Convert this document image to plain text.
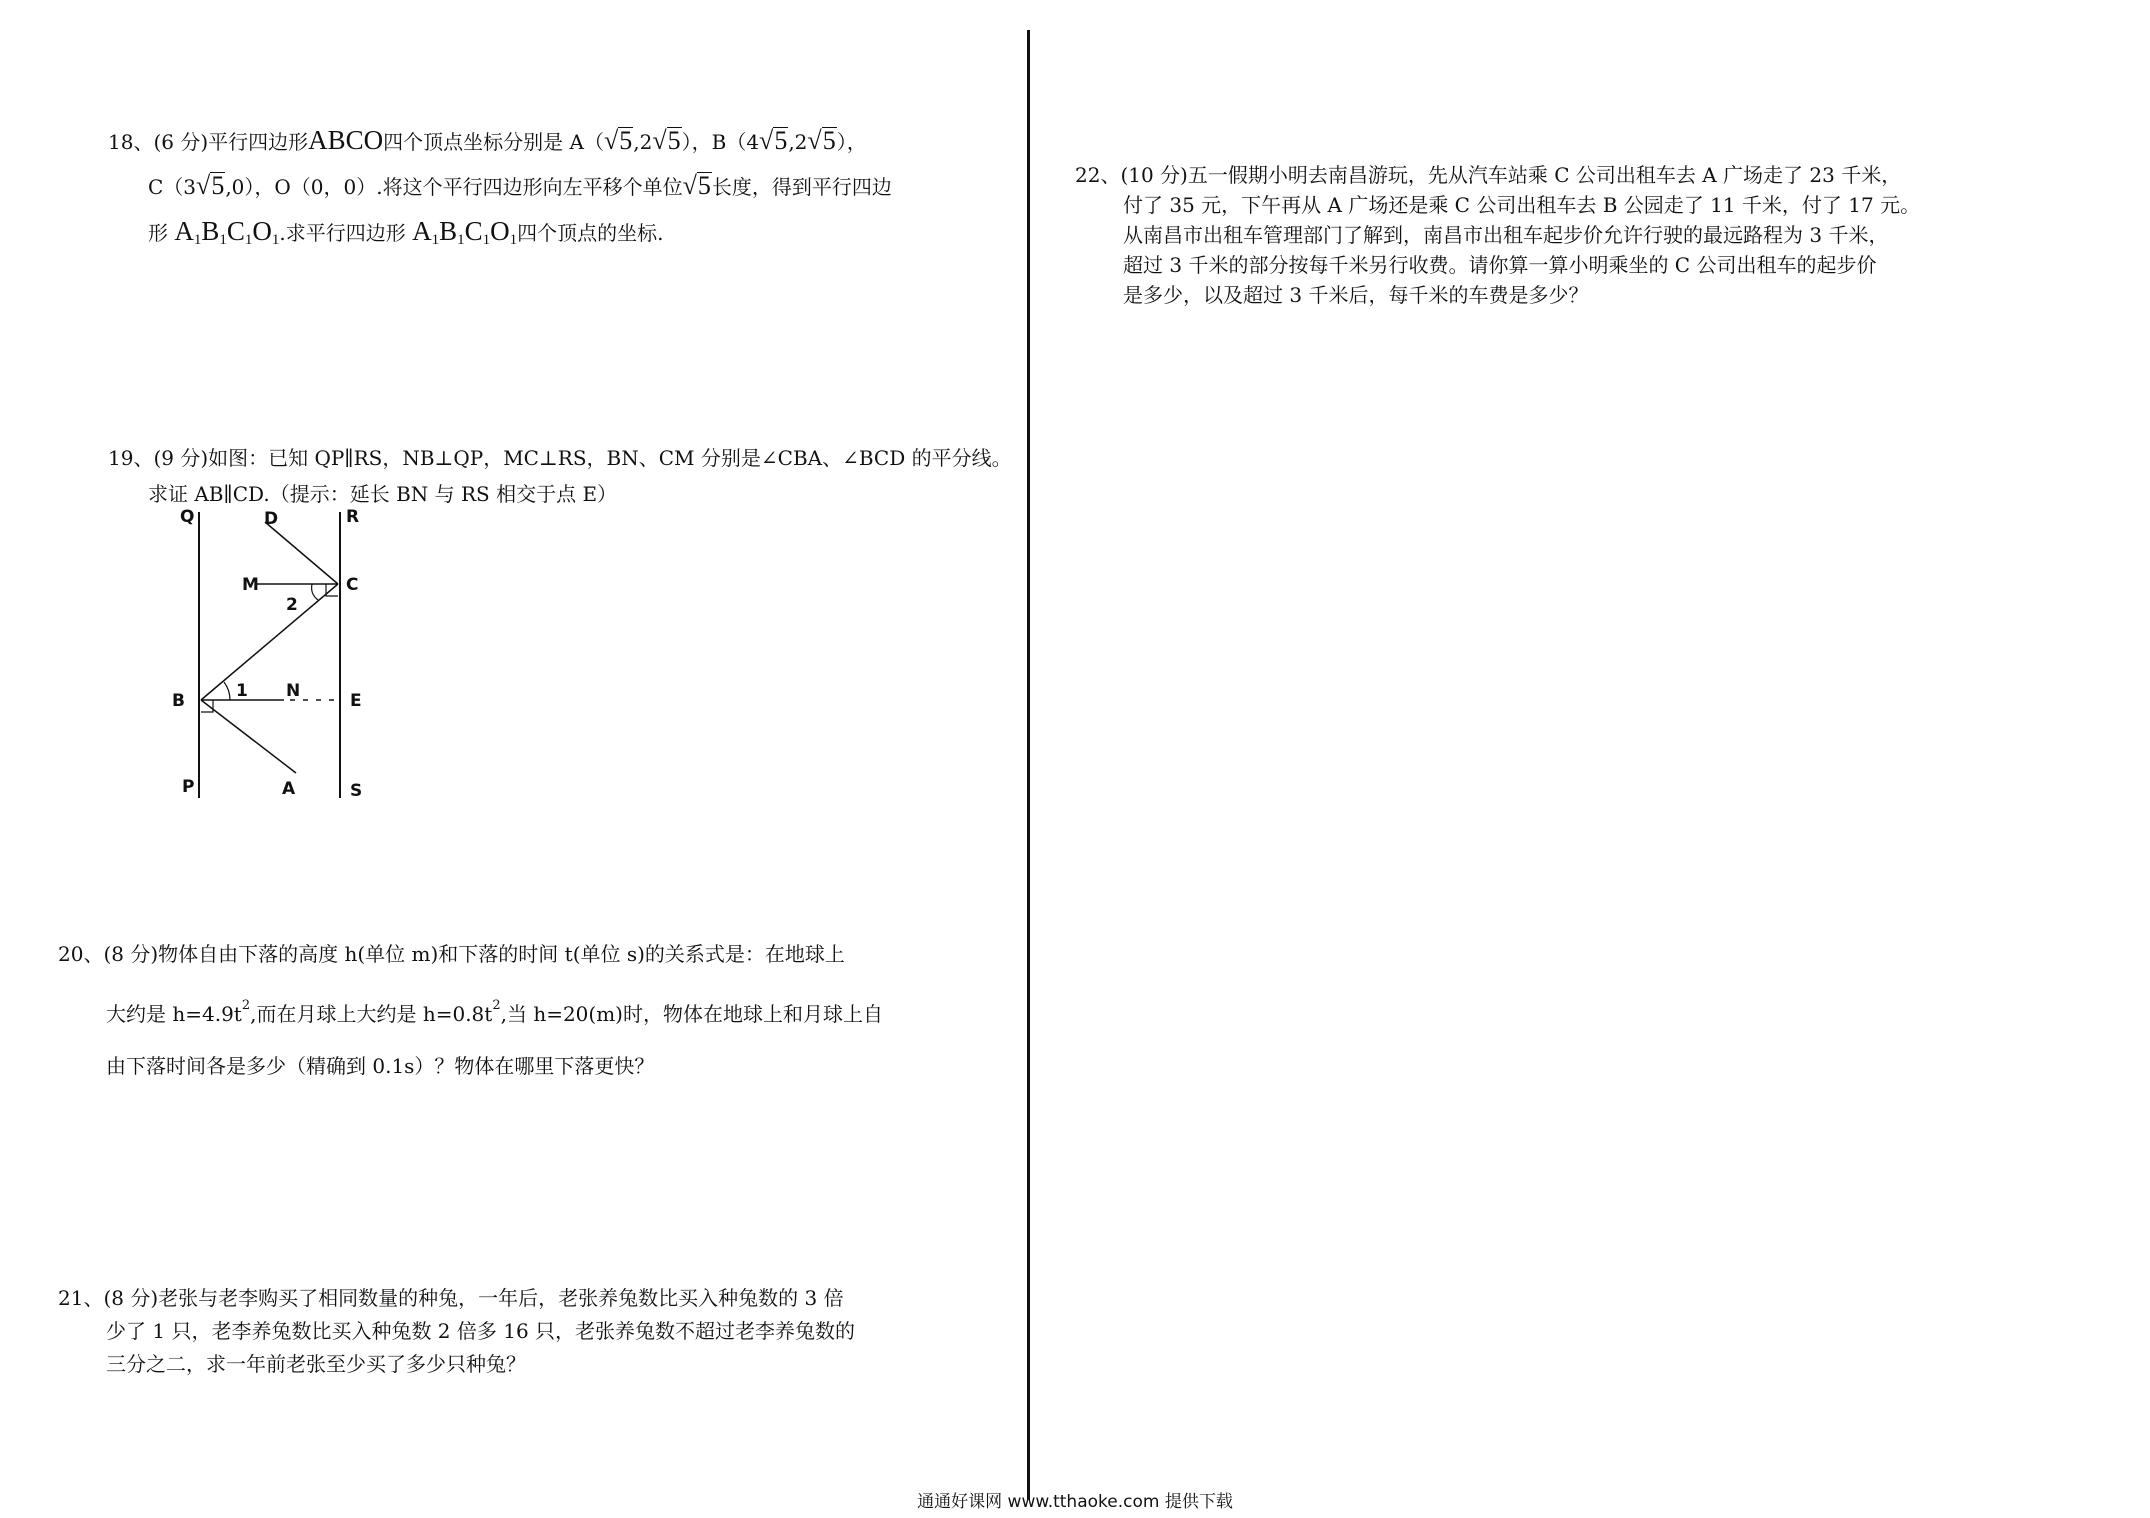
18、(6 分)平行四边形ABCO四个顶点坐标分别是 A（√5,2√5），B（4√5,2√5），
C（3√5,0），O（0，0）.将这个平行四边形向左平移个单位√5长度，得到平行四边
形 $A_1B_1C_1O_1$.求平行四边形 $A_1B_1C_1O_1$四个顶点的坐标.
19、(9 分)如图：已知 QP∥RS，NB⊥QP，MC⊥RS，BN、CM 分别是∠CBA、∠BCD 的平分线。
求证 AB∥CD.（提示：延长 BN 与 RS 相交于点 E）
Q	D	R
M	C
2
1
B	N	E
P	A	S
20、(8 分)物体自由下落的高度 h(单位 m)和下落的时间 t(单位 s)的关系式是：在地球上
大约是 $h=4.9t^2$,而在月球上大约是 $h=0.8t^2$,当 h=20(m)时，物体在地球上和月球上自
由下落时间各是多少（精确到 0.1s）？物体在哪里下落更快？
21、(8 分)老张与老李购买了相同数量的种兔，一年后，老张养兔数比买入种兔数的 3 倍
少了 1 只，老李养兔数比买入种兔数 2 倍多 16 只，老张养兔数不超过老李养兔数的
三分之二，求一年前老张至少买了多少只种兔？
22、(10 分)五一假期小明去南昌游玩，先从汽车站乘 C 公司出租车去 A 广场走了 23 千米，
付了 35 元，下午再从 A 广场还是乘 C 公司出租车去 B 公园走了 11 千米，付了 17 元。
从南昌市出租车管理部门了解到，南昌市出租车起步价允许行驶的最远路程为 3 千米，
超过 3 千米的部分按每千米另行收费。请你算一算小明乘坐的 C 公司出租车的起步价
是多少，以及超过 3 千米后，每千米的车费是多少？
通通好课网 www.tthaoke.com 提供下载
